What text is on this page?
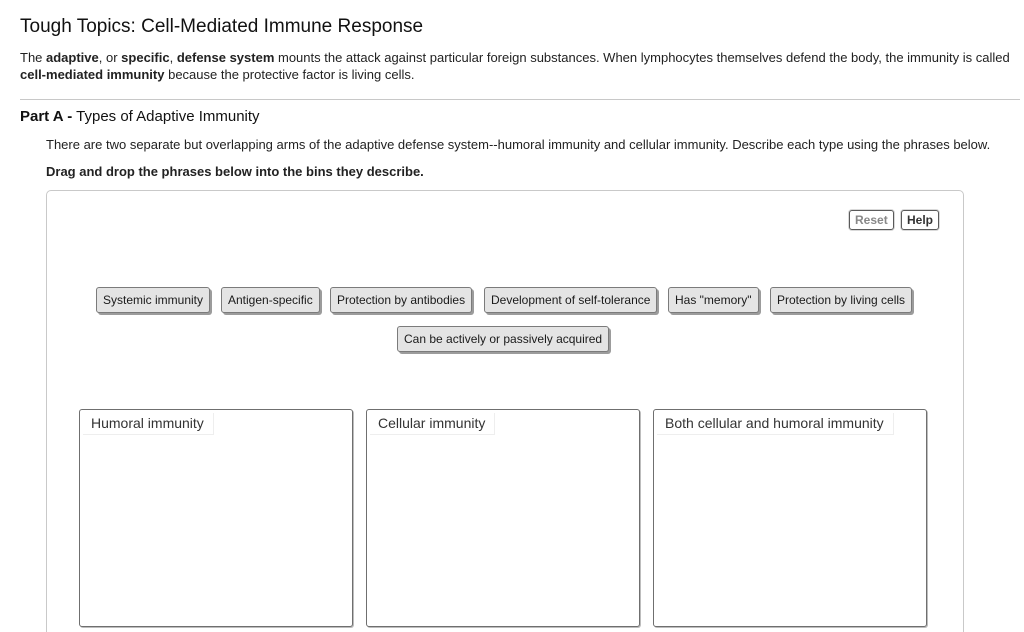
Tough Topics: Cell-Mediated Immune Response

The adaptive, or specific, defense system mounts the attack against particular foreign substances. When lymphocytes themselves defend the body, the immunity is called cell-mediated immunity because the protective factor is living cells.

Part A - Types of Adaptive Immunity

There are two separate but overlapping arms of the adaptive defense system--humoral immunity and cellular immunity. Describe each type using the phrases below.

Drag and drop the phrases below into the bins they describe.

Reset	Help
Systemic immunity	Antigen-specific	Protection by antibodies	Development of self-tolerance	Has "memory"	Protection by living cells
Can be actively or passively acquired
Humoral immunity	Cellular immunity	Both cellular and humoral immunity
